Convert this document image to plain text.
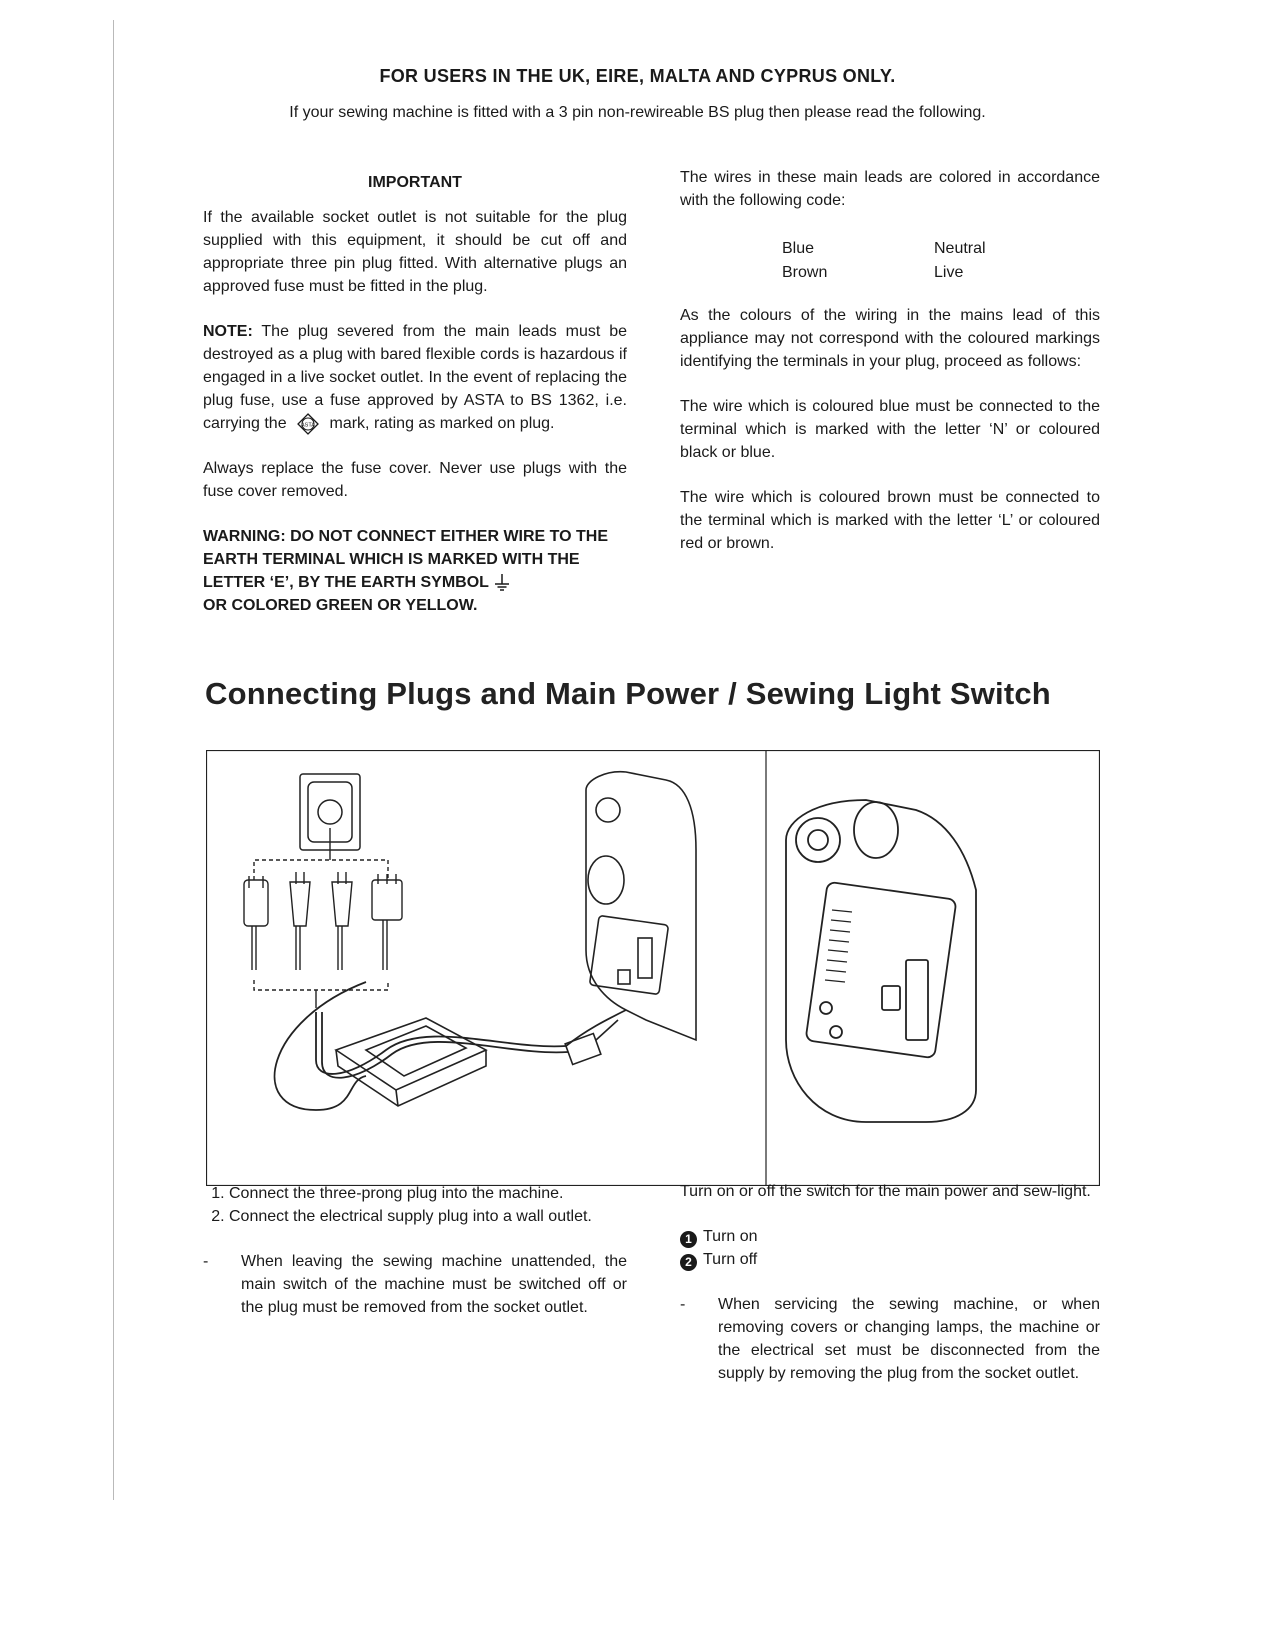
FOR USERS IN THE UK, EIRE, MALTA AND CYPRUS ONLY.
If your sewing machine is fitted with a 3 pin non-rewireable BS plug then please read the following.
IMPORTANT

If the available socket outlet is not suitable for the plug supplied with this equipment, it should be cut off and appropriate three pin plug fitted. With alternative plugs an approved fuse must be fitted in the plug.

NOTE: The plug severed from the main leads must be destroyed as a plug with bared flexible cords is hazardous if engaged in a live socket outlet. In the event of replacing the plug fuse, use a fuse approved by ASTA to BS 1362, i.e. carrying the	ASTA mark, rating as marked on plug.

Always replace the fuse cover. Never use plugs with the fuse cover removed.

WARNING: DO NOT CONNECT EITHER WIRE TO THE EARTH TERMINAL WHICH IS MARKED WITH THE LETTER ‘E’, BY THE EARTH SYMBOL
OR COLORED GREEN OR YELLOW.

The wires in these main leads are colored in accordance with the following code:

Blue	Neutral
Brown	Live

As the colours of the wiring in the mains lead of this appliance may not correspond with the coloured markings identifying the terminals in your plug, proceed as follows:

The wire which is coloured blue must be connected to the terminal which is marked with the letter ‘N’ or coloured black or blue.

The wire which is coloured brown must be connected to the terminal which is marked with the letter ‘L’ or coloured red or brown.

Connecting Plugs and Main Power / Sewing Light Switch
1. Connect the three-prong plug into the machine.
2. Connect the electrical supply plug into a wall outlet.
-	When leaving the sewing machine unattended, the main switch of the machine must be switched off or the plug must be removed from the socket outlet.

Turn on or off the switch for the main power and sew-light.

1 Turn on
2 Turn off
-	When servicing the sewing machine, or when removing covers or changing lamps, the machine or the electrical set must be disconnected from the supply by removing the plug from the socket outlet.
